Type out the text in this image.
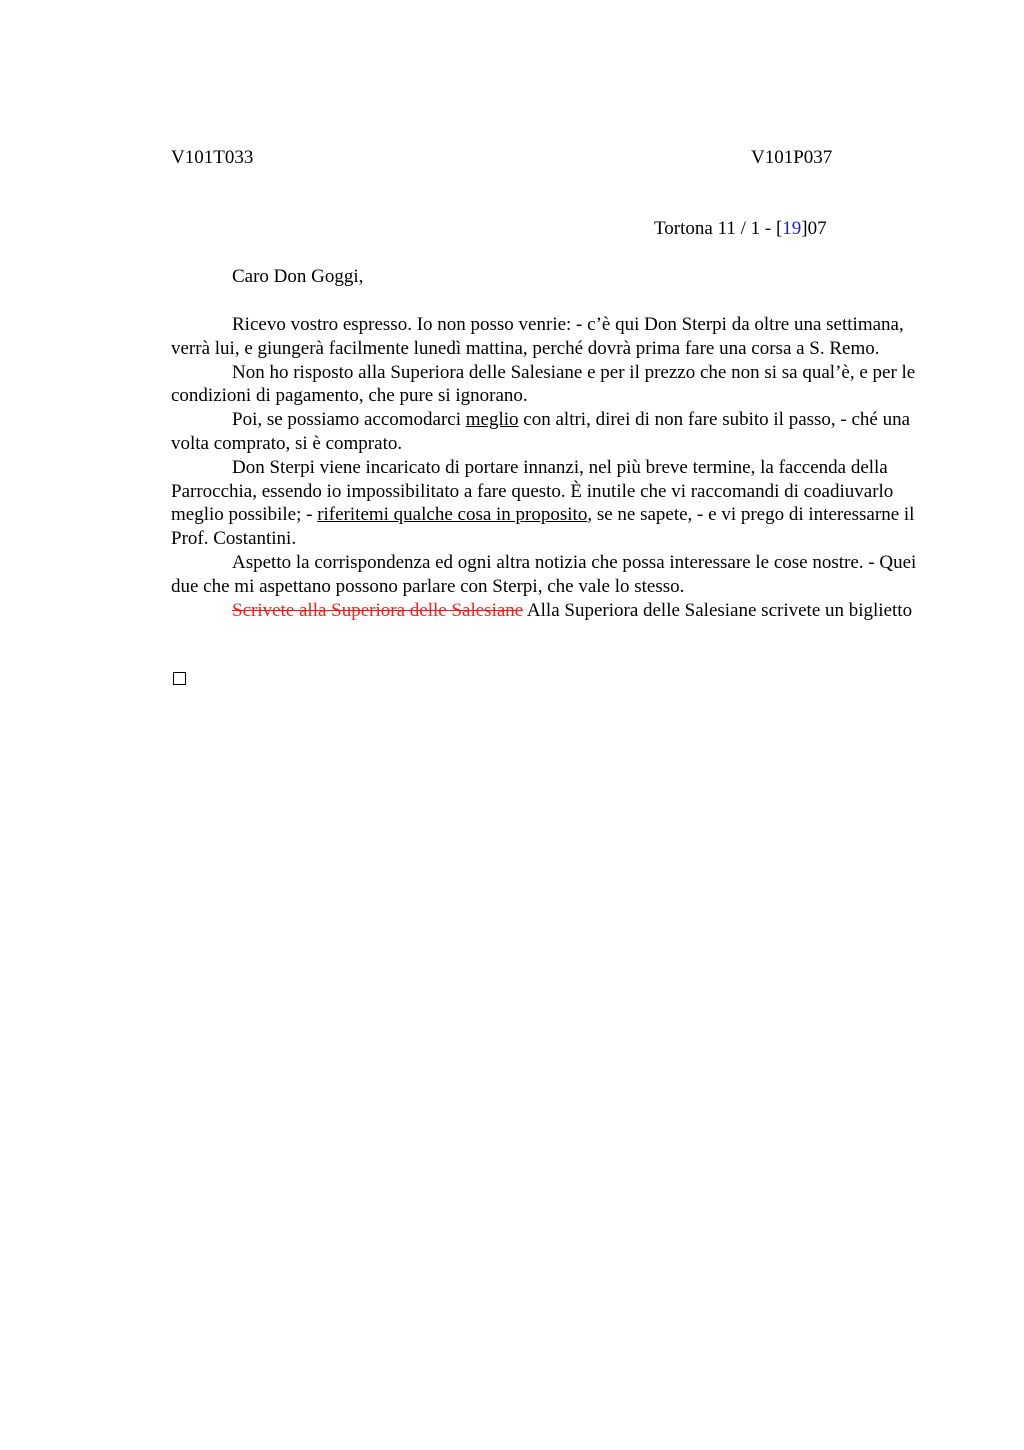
V101T033	V101P037
Tortona 11 / 1 - [19]07
Caro Don Goggi,

Ricevo vostro espresso. Io non posso venrie: - c’è qui Don Sterpi da oltre una settimana, verrà lui, e giungerà facilmente lunedì mattina, perché dovrà prima fare una corsa a S. Remo.

Non ho risposto alla Superiora delle Salesiane e per il prezzo che non si sa qual’è, e per le condizioni di pagamento, che pure si ignorano.

Poi, se possiamo accomodarci meglio con altri, direi di non fare subito il passo, - ché una volta comprato, si è comprato.

Don Sterpi viene incaricato di portare innanzi, nel più breve termine, la faccenda della Parrocchia, essendo io impossibilitato a fare questo. È inutile che vi raccomandi di coadiuvarlo meglio possibile; - riferitemi qualche cosa in proposito, se ne sapete, - e vi prego di interessarne il Prof. Costantini.

Aspetto la corrispondenza ed ogni altra notizia che possa interessare le cose nostre. - Quei due che mi aspettano possono parlare con Sterpi, che vale lo stesso.

Scrivete alla Superiora delle Salesiane Alla Superiora delle Salesiane scrivete un biglietto
